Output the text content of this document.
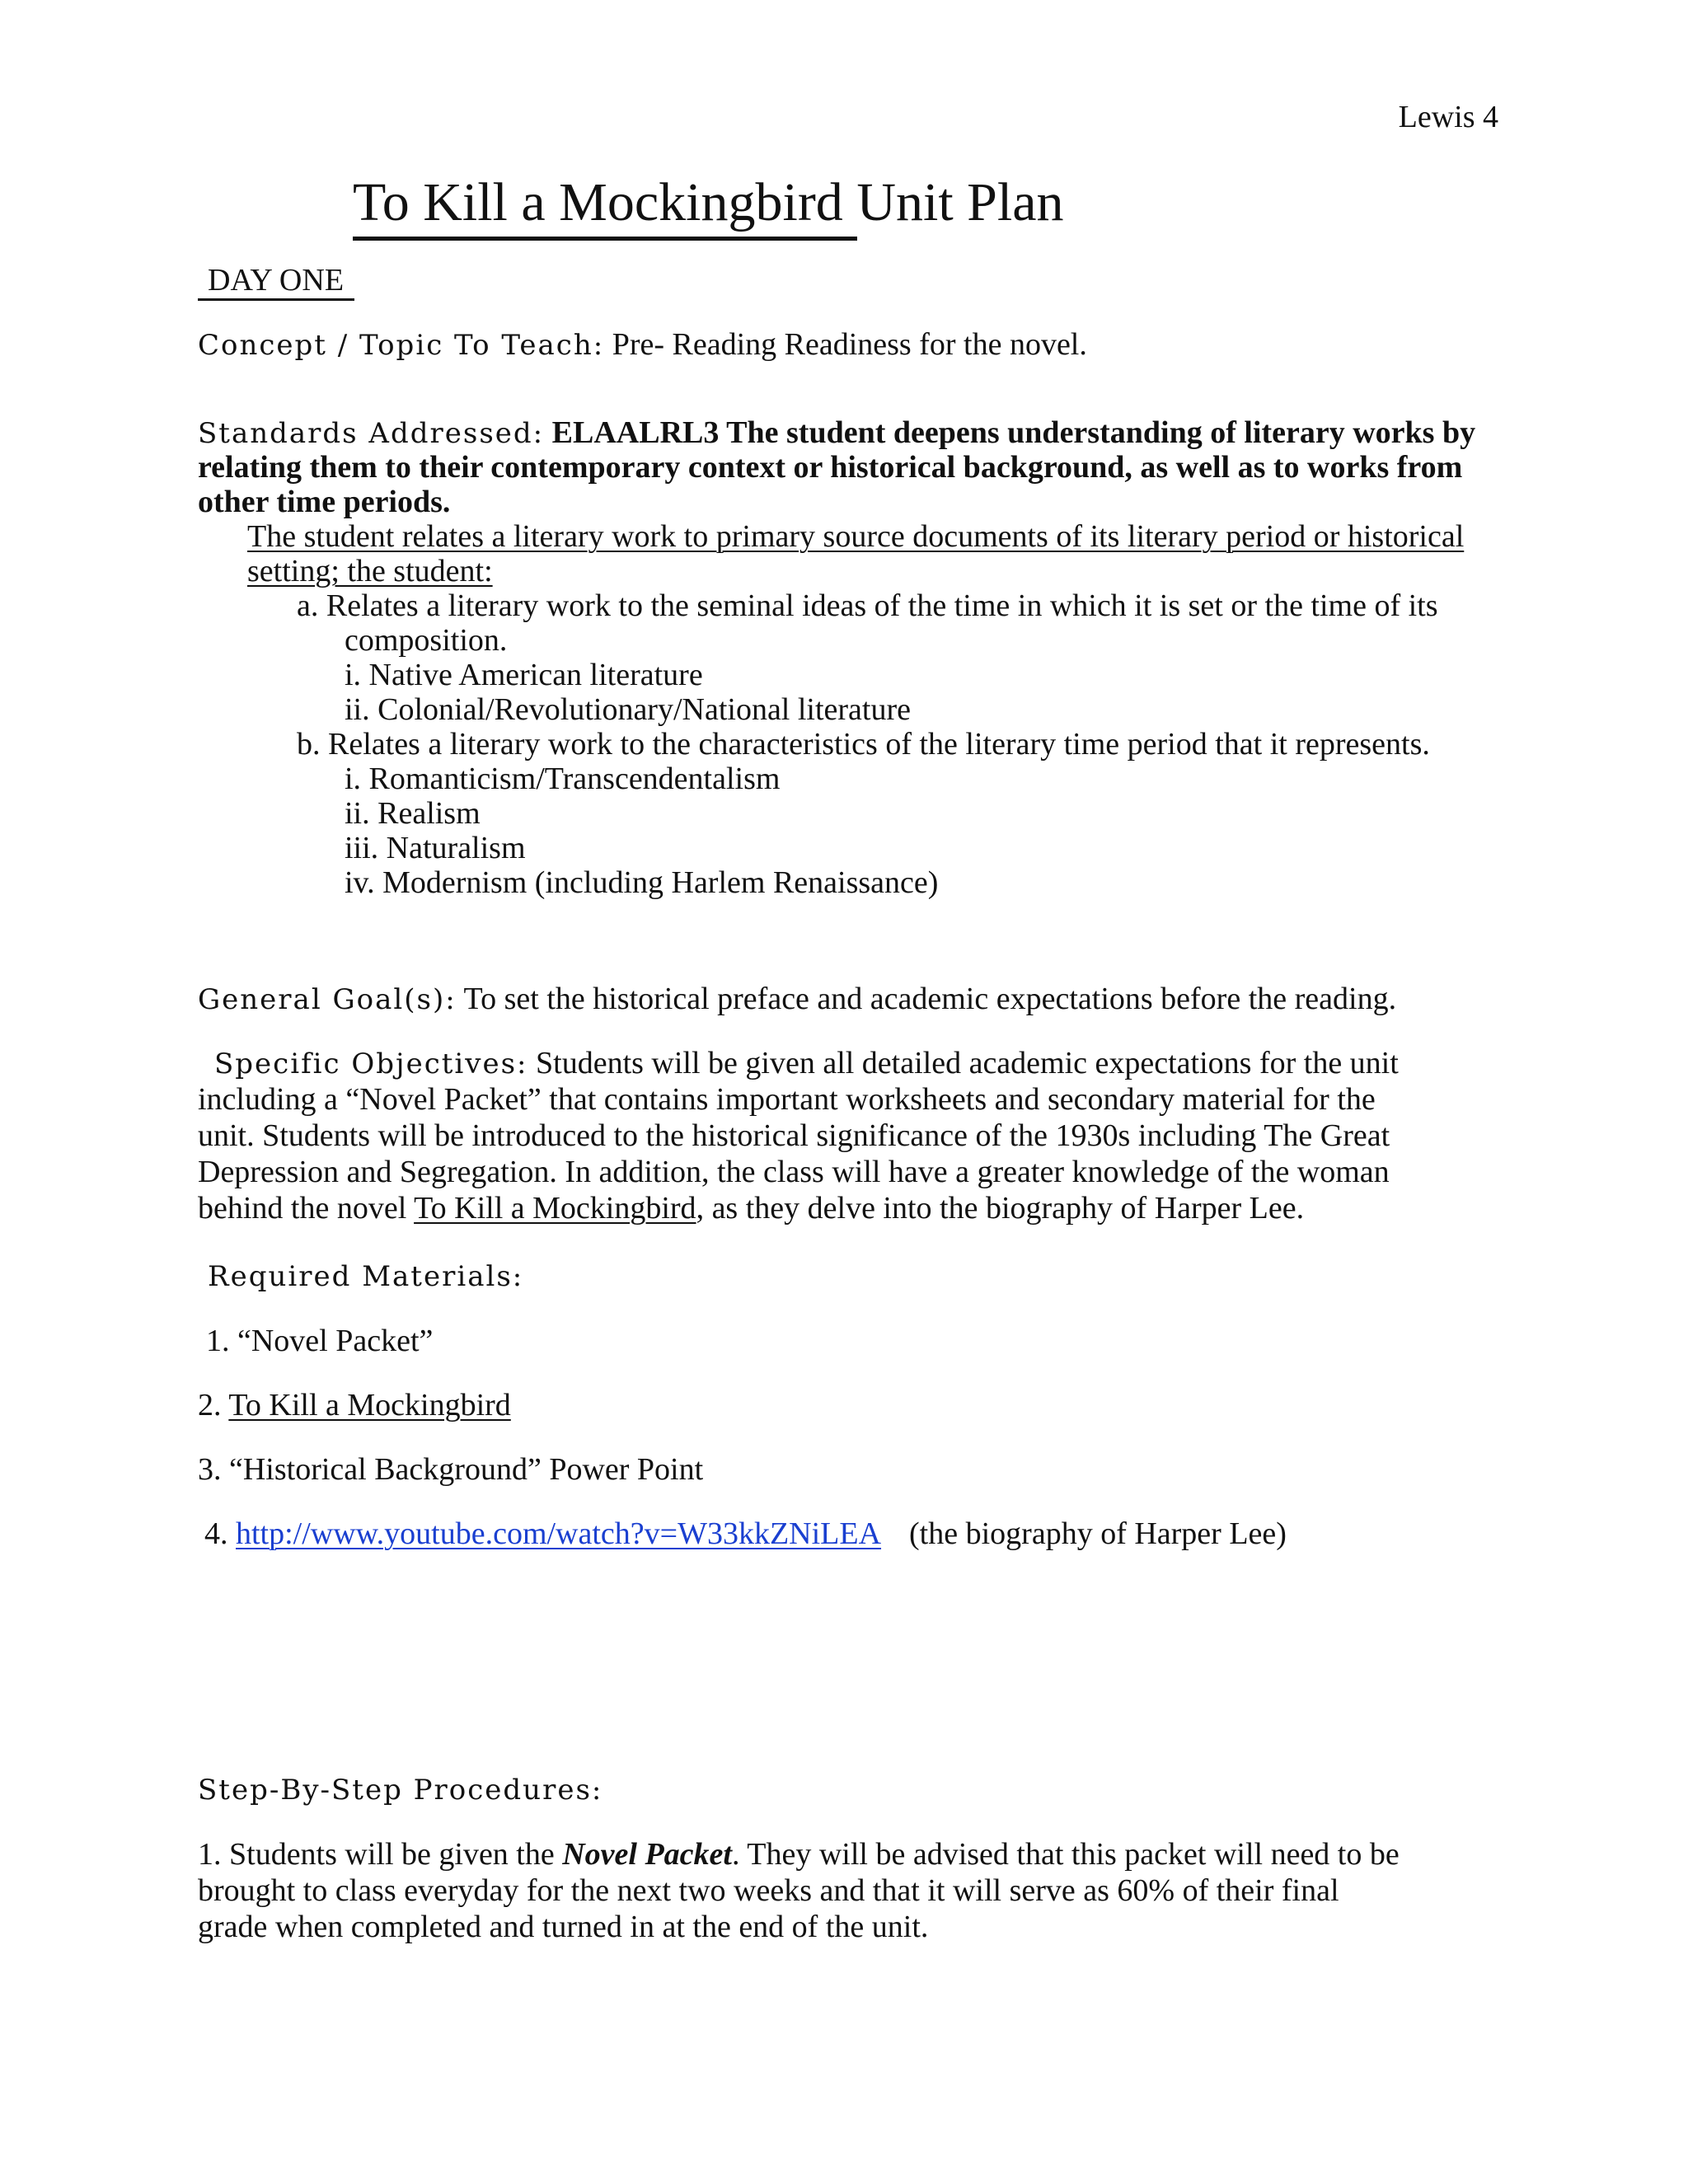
Lewis 4
To Kill a Mockingbird Unit Plan
DAY ONE
Concept / Topic To Teach: Pre- Reading Readiness for the novel.
Standards Addressed: ELAALRL3 The student deepens understanding of literary works by
relating them to their contemporary context or historical background, as well as to works from
other time periods.
The student relates a literary work to primary source documents of its literary period or historical
setting; the student:
a. Relates a literary work to the seminal ideas of the time in which it is set or the time of its
composition.
i. Native American literature
ii. Colonial/Revolutionary/National literature
b. Relates a literary work to the characteristics of the literary time period that it represents.
i. Romanticism/Transcendentalism
ii. Realism
iii. Naturalism
iv. Modernism (including Harlem Renaissance)
General Goal(s): To set the historical preface and academic expectations before the reading.
Specific Objectives: Students will be given all detailed academic expectations for the unit
including a “Novel Packet” that contains important worksheets and secondary material for the
unit. Students will be introduced to the historical significance of the 1930s including The Great
Depression and Segregation. In addition, the class will have a greater knowledge of the woman
behind the novel To Kill a Mockingbird, as they delve into the biography of Harper Lee.
Required Materials:
1. “Novel Packet”
2. To Kill a Mockingbird
3. “Historical Background” Power Point
4. http://www.youtube.com/watch?v=W33kkZNiLEA (the biography of Harper Lee)
Step-By-Step Procedures:
1. Students will be given the Novel Packet. They will be advised that this packet will need to be
brought to class everyday for the next two weeks and that it will serve as 60% of their final
grade when completed and turned in at the end of the unit.
